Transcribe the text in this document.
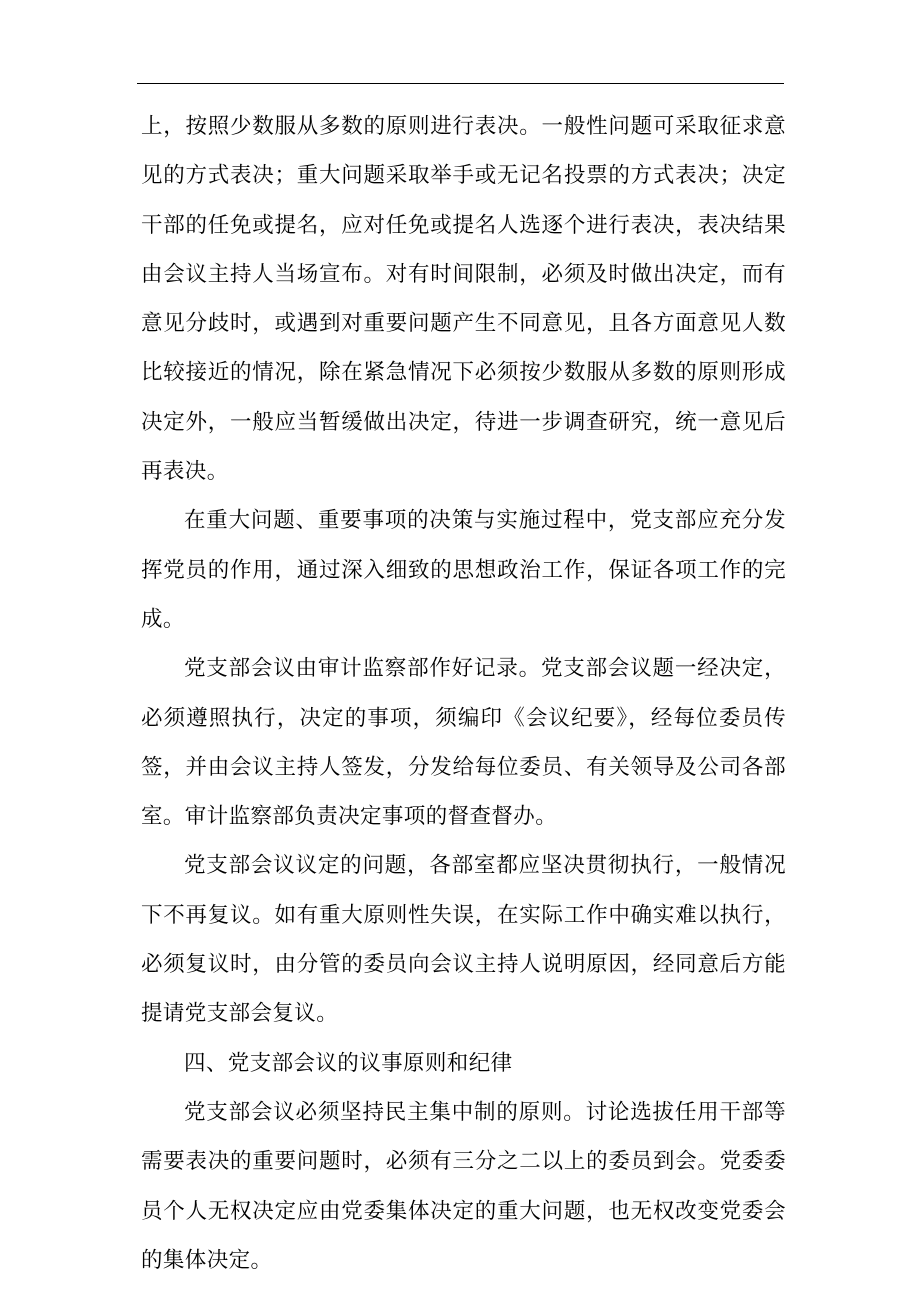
上，按照少数服从多数的原则进行表决。一般性问题可采取征求意见的方式表决；重大问题采取举手或无记名投票的方式表决；决定干部的任免或提名，应对任免或提名人选逐个进行表决，表决结果由会议主持人当场宣布。对有时间限制，必须及时做出决定，而有意见分歧时，或遇到对重要问题产生不同意见，且各方面意见人数比较接近的情况，除在紧急情况下必须按少数服从多数的原则形成决定外，一般应当暂缓做出决定，待进一步调查研究，统一意见后再表决。

在重大问题、重要事项的决策与实施过程中，党支部应充分发挥党员的作用，通过深入细致的思想政治工作，保证各项工作的完成。

党支部会议由审计监察部作好记录。党支部会议题一经决定，必须遵照执行，决定的事项，须编印《会议纪要》，经每位委员传签，并由会议主持人签发，分发给每位委员、有关领导及公司各部室。审计监察部负责决定事项的督查督办。

党支部会议议定的问题，各部室都应坚决贯彻执行，一般情况下不再复议。如有重大原则性失误，在实际工作中确实难以执行，必须复议时，由分管的委员向会议主持人说明原因，经同意后方能提请党支部会复议。

四、党支部会议的议事原则和纪律

党支部会议必须坚持民主集中制的原则。讨论选拔任用干部等需要表决的重要问题时，必须有三分之二以上的委员到会。党委委员个人无权决定应由党委集体决定的重大问题，也无权改变党委会的集体决定。
